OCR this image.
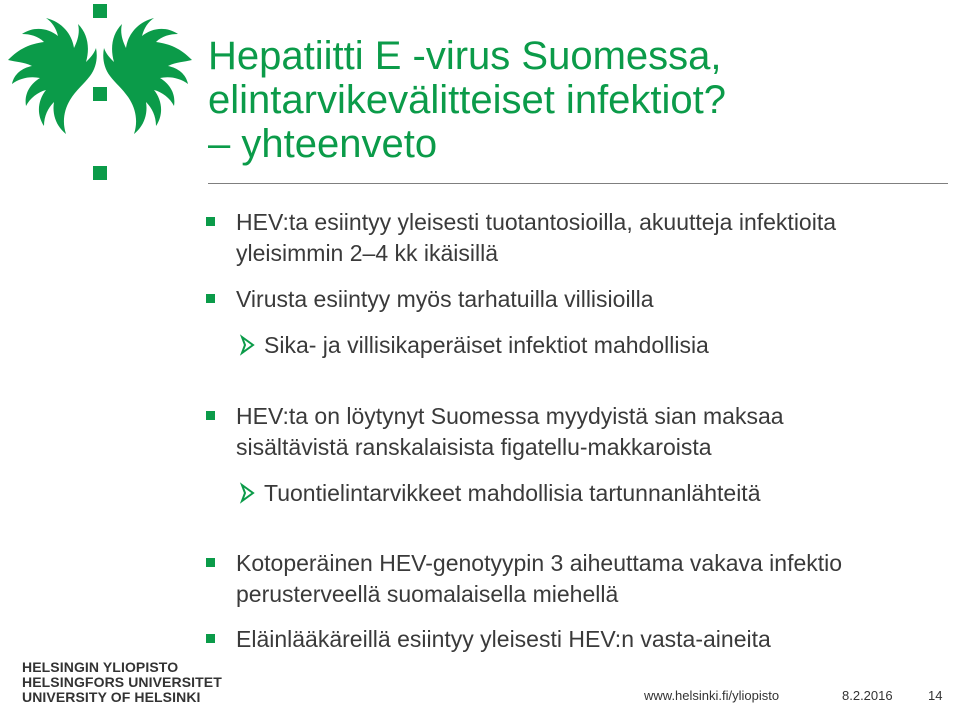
Hepatiitti E -virus Suomessa,
elintarvikevälitteiset infektiot?
– yhteenveto
HEV:ta esiintyy yleisesti tuotantosioilla, akuutteja infektioita
yleisimmin 2–4 kk ikäisillä
Virusta esiintyy myös tarhatuilla villisioilla
Sika- ja villisikaperäiset infektiot mahdollisia
HEV:ta on löytynyt Suomessa myydyistä sian maksaa
sisältävistä ranskalaisista figatellu-makkaroista
Tuontielintarvikkeet mahdollisia tartunnanlähteitä
Kotoperäinen HEV-genotyypin 3 aiheuttama vakava infektio
perusterveellä suomalaisella miehellä
Eläinlääkäreillä esiintyy yleisesti HEV:n vasta-aineita
HELSINGIN YLIOPISTO
HELSINGFORS UNIVERSITET
UNIVERSITY OF HELSINKI	www.helsinki.fi/yliopisto	8.2.2016	14
